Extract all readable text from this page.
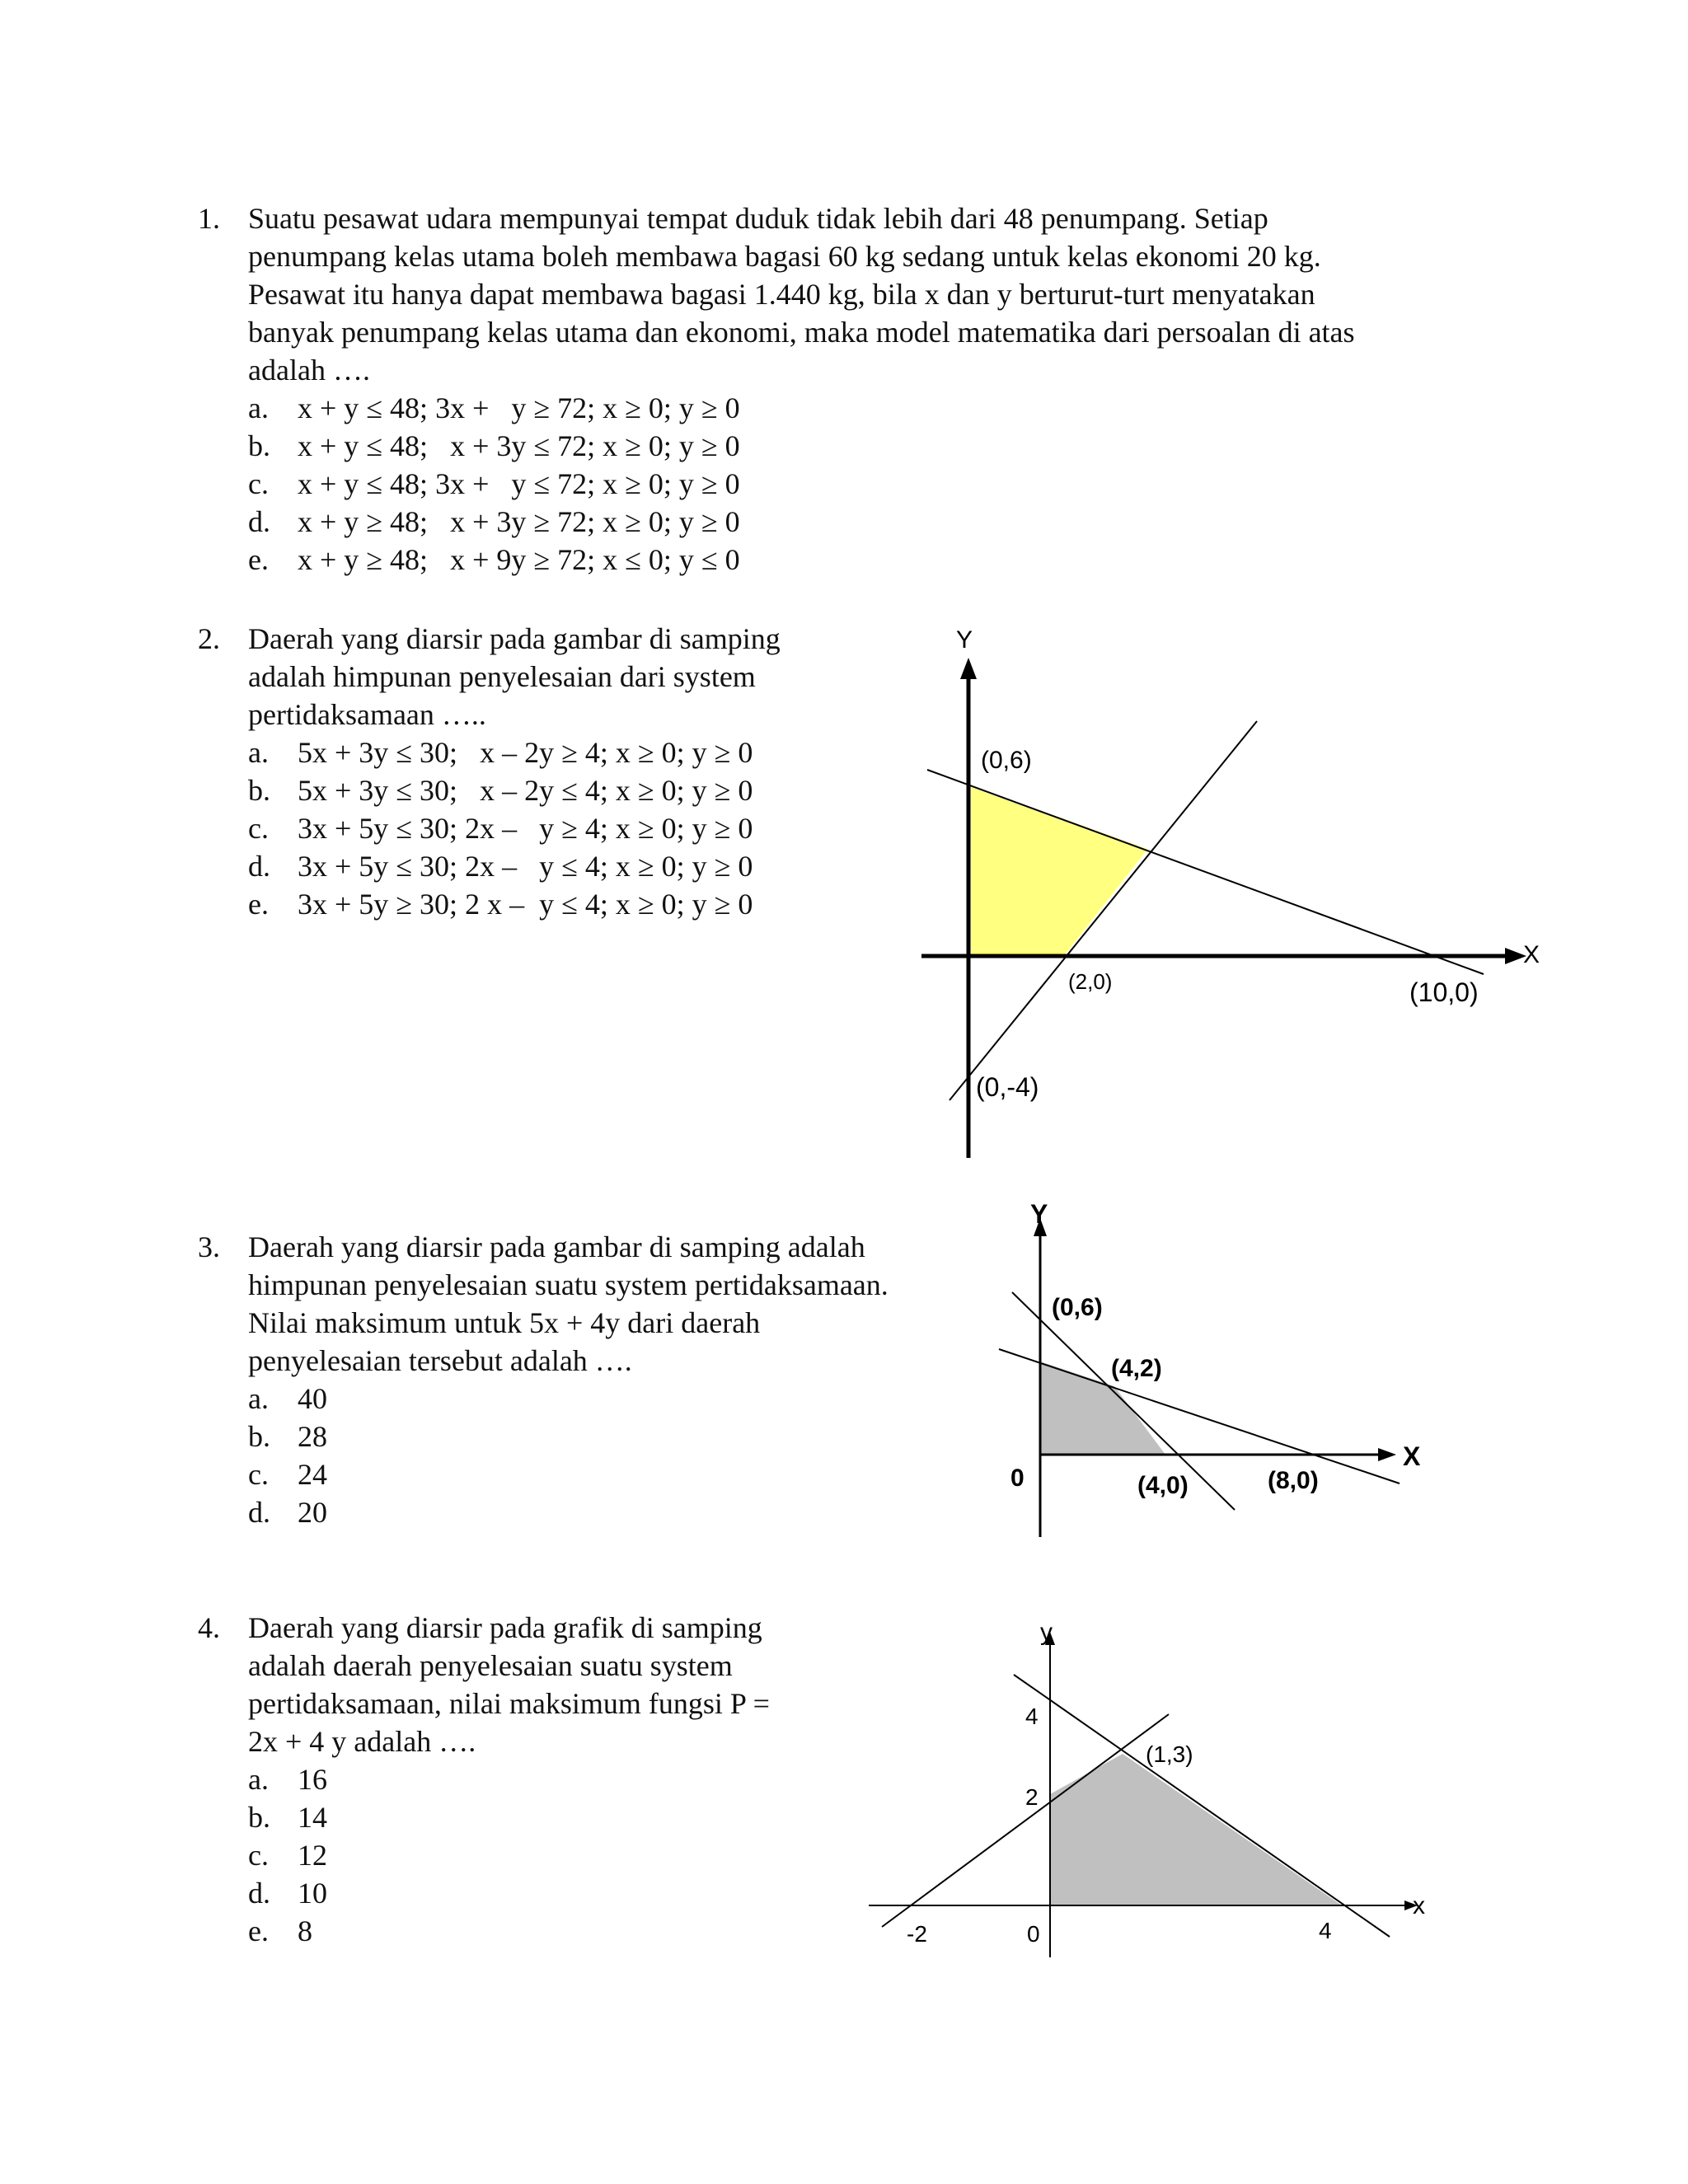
1. Suatu pesawat udara mempunyai tempat duduk tidak lebih dari 48 penumpang. Setiap

penumpang kelas utama boleh membawa bagasi 60 kg sedang untuk kelas ekonomi 20 kg.

Pesawat itu hanya dapat membawa bagasi 1.440 kg, bila x dan y berturut-turt menyatakan

banyak penumpang kelas utama dan ekonomi, maka model matematika dari persoalan di atas

adalah ….

a. x + y ≤ 48; 3x +   y ≥ 72; x ≥ 0; y ≥ 0
b. x + y ≤ 48;   x + 3y ≤ 72; x ≥ 0; y ≥ 0
c. x + y ≤ 48; 3x +   y ≤ 72; x ≥ 0; y ≥ 0
d. x + y ≥ 48;   x + 3y ≥ 72; x ≥ 0; y ≥ 0
e. x + y ≥ 48;   x + 9y ≥ 72; x ≤ 0; y ≤ 0
2. Daerah yang diarsir pada gambar di samping

adalah himpunan penyelesaian dari system

pertidaksamaan …..

a. 5x + 3y ≤ 30;   x – 2y ≥ 4; x ≥ 0; y ≥ 0
b. 5x + 3y ≤ 30;   x – 2y ≤ 4; x ≥ 0; y ≥ 0
c. 3x + 5y ≤ 30; 2x –   y ≥ 4; x ≥ 0; y ≥ 0
d. 3x + 5y ≤ 30; 2x –   y ≤ 4; x ≥ 0; y ≥ 0
e. 3x + 5y ≥ 30; 2 x –  y ≤ 4; x ≥ 0; y ≥ 0
Y
X
(0,6)
(2,0)	(10,0)
(0,-4)
3. Daerah yang diarsir pada gambar di samping adalah

himpunan penyelesaian suatu system pertidaksamaan.

Nilai maksimum untuk 5x + 4y dari daerah

penyelesaian tersebut adalah ….

a. 40
b. 28
c. 24
d. 20
Y
X
0
(0,6)
(4,2)
(4,0)	(8,0)
4. Daerah yang diarsir pada grafik di samping

adalah daerah penyelesaian suatu system

pertidaksamaan, nilai maksimum fungsi P =

2x + 4 y adalah ….

a. 16
b. 14
c. 12
d. 10
e. 8
y
x
4
2
(1,3)
-2	0	4
